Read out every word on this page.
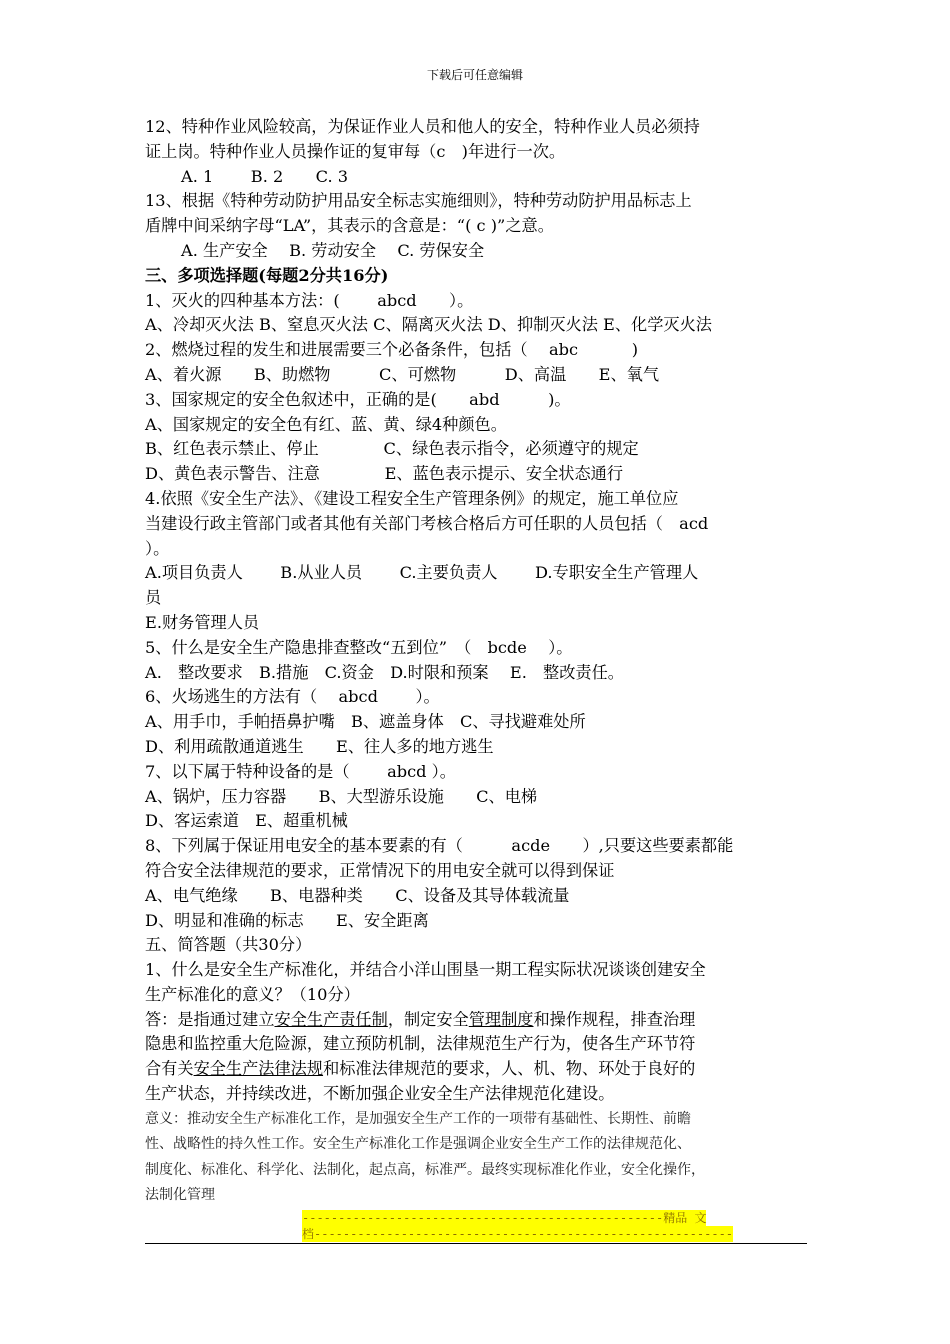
下载后可任意编辑
12、特种作业风险较高，为保证作业人员和他人的安全，特种作业人员必须持
证上岗。特种作业人员操作证的复审每（c　)年进行一次。
A. 1　　 B. 2　　C. 3
13、根据《特种劳动防护用品安全标志实施细则》，特种劳动防护用品标志上
盾牌中间采纳字母“LA”，其表示的含意是：“( c )”之意。
A. 生产安全　 B. 劳动安全　 C. 劳保安全
三、多项选择题(每题2分共16分)
1、灭火的四种基本方法：(　　 abcd　　）。
A、冷却灭火法 B、窒息灭火法 C、隔离灭火法 D、抑制灭火法 E、化学灭火法
2、燃烧过程的发生和进展需要三个必备条件，包括（　 abc　　　 )
A、着火源　　B、助燃物　　　C、可燃物　　　D、高温　　E、氧气
3、国家规定的安全色叙述中，正确的是(　　abd　　　)。
A、国家规定的安全色有红、蓝、黄、绿4种颜色。
B、红色表示禁止、停止　　　　C、绿色表示指令，必须遵守的规定
D、黄色表示警告、注意　　　　E、蓝色表示提示、安全状态通行
4.依照《安全生产法》、《建设工程安全生产管理条例》的规定，施工单位应
当建设行政主管部门或者其他有关部门考核合格后方可任职的人员包括（　acd
）。
A.项目负责人　　 B.从业人员　　 C.主要负责人　　 D.专职安全生产管理人
员
E.财务管理人员
5、什么是安全生产隐患排查整改“五到位”　（　bcde　 ）。
A.　整改要求　B.措施　C.资金　D.时限和预案　 E.　整改责任。
6、火场逃生的方法有（　 abcd　　 ）。
A、用手巾，手帕捂鼻护嘴　B、遮盖身体　C、寻找避难处所
D、利用疏散通道逃生　　E、往人多的地方逃生
7、以下属于特种设备的是（　　 abcd ）。
A、锅炉，压力容器　　B、大型游乐设施　　C、电梯
D、客运索道　E、超重机械
8、下列属于保证用电安全的基本要素的有（　　　acde　　）,只要这些要素都能
符合安全法律规范的要求，正常情况下的用电安全就可以得到保证
A、电气绝缘　　B、电器种类　　C、设备及其导体载流量
D、明显和准确的标志　　E、安全距离
五、简答题（共30分）
1、什么是安全生产标准化，并结合小洋山围垦一期工程实际状况谈谈创建安全
生产标准化的意义？（10分）
答：是指通过建立安全生产责任制，制定安全管理制度和操作规程，排查治理
隐患和监控重大危险源，建立预防机制，法律规范生产行为，使各生产环节符
合有关安全生产法律法规和标准法律规范的要求，人、机、物、环处于良好的
生产状态，并持续改进，不断加强企业安全生产法律规范化建设。
意义：推动安全生产标准化工作，是加强安全生产工作的一项带有基础性、长期性、前瞻
性、战略性的持久性工作。安全生产标准化工作是强调企业安全生产工作的法律规范化、
制度化、标准化、科学化、法制化，起点高，标准严。最终实现标准化作业，安全化操作，
法制化管理
--------------------------------------------------精品 文
档----------------------------------------------------------
